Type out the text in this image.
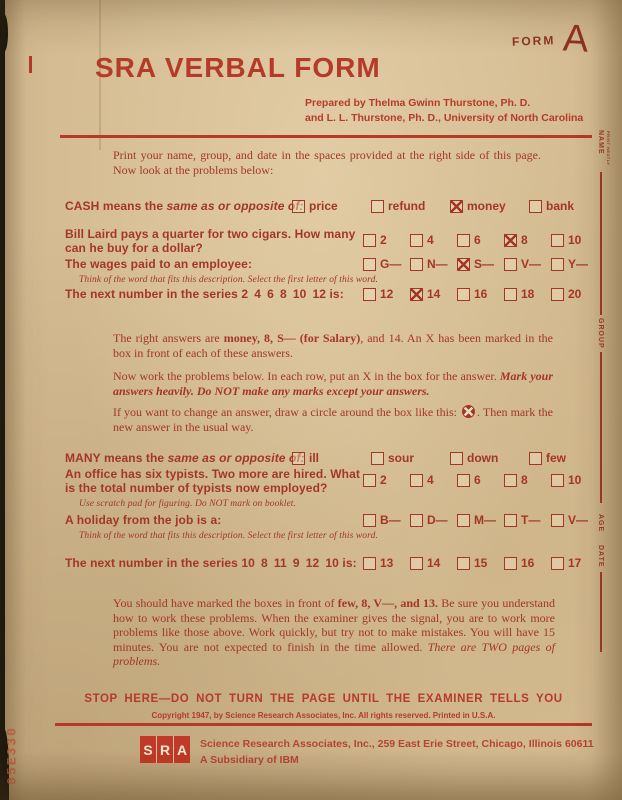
FORM A
SRA VERBAL FORM
Prepared by Thelma Gwinn Thurstone, Ph. D.
and L. L. Thurstone, Ph. D., University of North Carolina
Print your name, group, and date in the spaces provided at the right side of this page. Now look at the problems below:
CASH means the same as or opposite of: price	refund	money	bank
Bill Laird pays a quarter for two cigars. How many can he buy for a dollar?
2	4	6	8	10
The wages paid to an employee:
Think of the word that fits this description. Select the first letter of this word.
G— N— S— V— Y—
The next number in the series 2 4 6 8 10 12 is:	12	14	16	18	20
The right answers are money, 8, S— (for Salary), and 14. An X has been marked in the box in front of each of these answers.
Now work the problems below. In each row, put an X in the box for the answer. Mark your answers heavily. Do NOT make any marks except your answers.
If you want to change an answer, draw a circle around the box like this: . Then mark the new answer in the usual way.
MANY means the same as or opposite of: ill	sour	down	few
An office has six typists. Two more are hired. What is the total number of typists now employed?
Use scratch pad for figuring. Do NOT mark on booklet.
2	4	6	8	10
A holiday from the job is a:
Think of the word that fits this description. Select the first letter of this word.
B— D— M— T— V—
The next number in the series 10 8 11 9 12 10 is:	13	14	15	16	17
You should have marked the boxes in front of few, 8, V—, and 13. Be sure you understand how to work these problems. When the examiner gives the signal, you are to work more problems like those above. Work quickly, but try not to make mistakes. You will have 15 minutes. You are not expected to finish in the time allowed. There are TWO pages of problems.
STOP HERE—DO NOT TURN THE PAGE UNTIL THE EXAMINER TELLS YOU
Copyright 1947, by Science Research Associates, Inc. All rights reserved. Printed in U.S.A.
S R A Science Research Associates, Inc., 259 East Erie Street, Chicago, Illinois 60611
A Subsidiary of IBM
05E330
NAME PRINT NEATLY
GROUP
AGE
DATE
